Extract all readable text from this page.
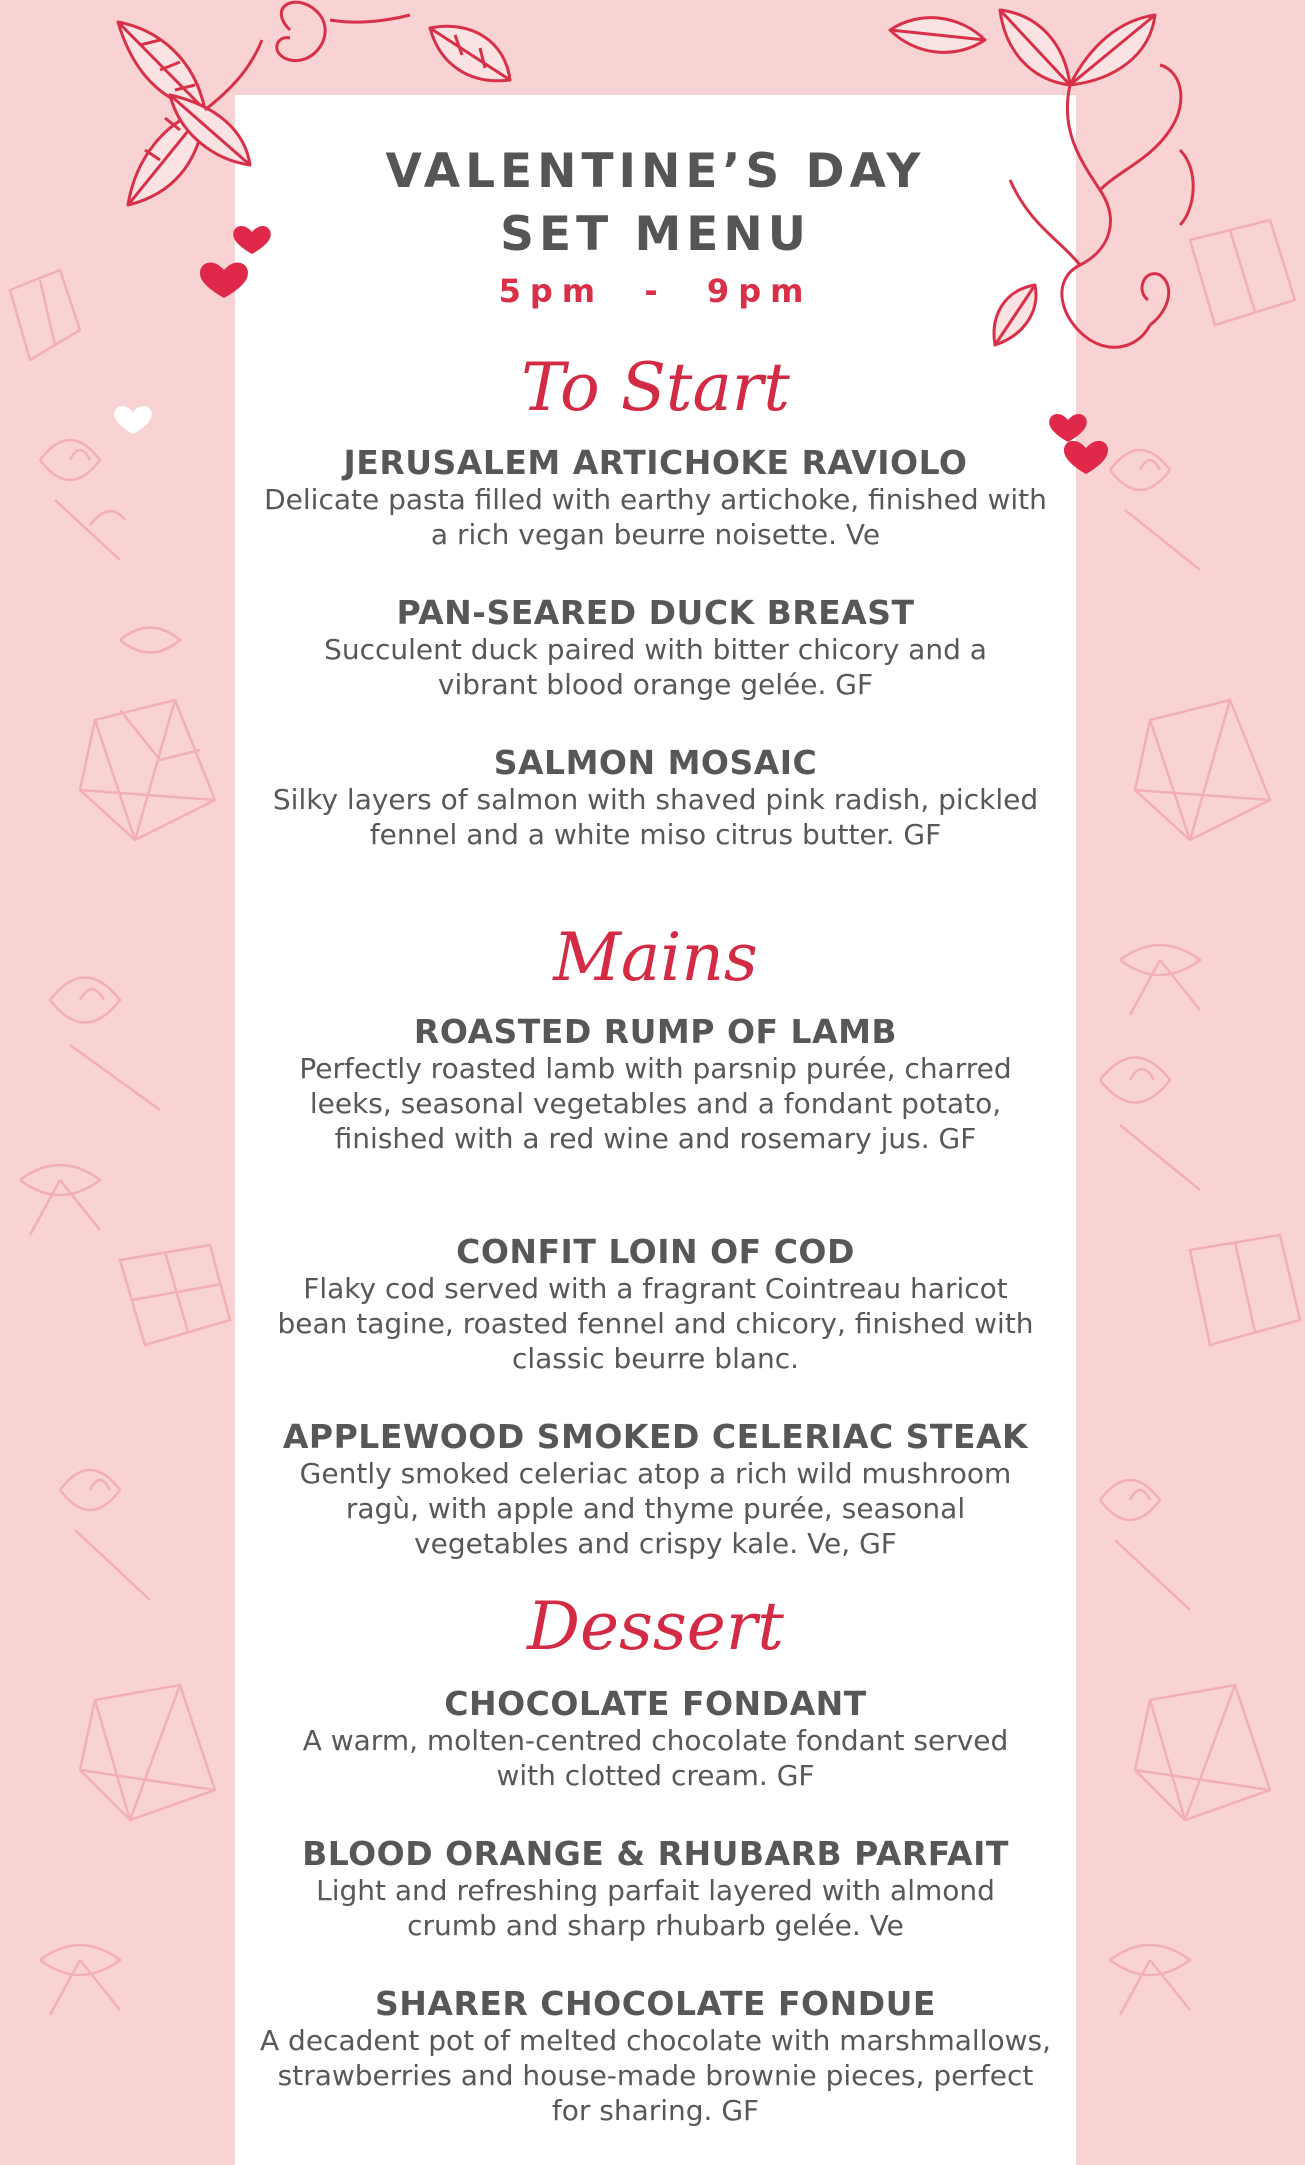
VALENTINE’S DAY
SET MENU
5pm  -  9pm
To Start
JERUSALEM ARTICHOKE RAVIOLO
Delicate pasta filled with earthy artichoke, finished with a rich vegan beurre noisette. Ve
PAN-SEARED DUCK BREAST
Succulent duck paired with bitter chicory and a vibrant blood orange gelée. GF
SALMON MOSAIC
Silky layers of salmon with shaved pink radish, pickled fennel and a white miso citrus butter. GF
Mains
ROASTED RUMP OF LAMB
Perfectly roasted lamb with parsnip purée, charred leeks, seasonal vegetables and a fondant potato, finished with a red wine and rosemary jus. GF
CONFIT LOIN OF COD
Flaky cod served with a fragrant Cointreau haricot bean tagine, roasted fennel and chicory, finished with classic beurre blanc.
APPLEWOOD SMOKED CELERIAC STEAK
Gently smoked celeriac atop a rich wild mushroom ragù, with apple and thyme purée, seasonal vegetables and crispy kale. Ve, GF
Dessert
CHOCOLATE FONDANT
A warm, molten-centred chocolate fondant served with clotted cream. GF
BLOOD ORANGE & RHUBARB PARFAIT
Light and refreshing parfait layered with almond crumb and sharp rhubarb gelée. Ve
SHARER CHOCOLATE FONDUE
A decadent pot of melted chocolate with marshmallows, strawberries and house-made brownie pieces, perfect for sharing. GF
